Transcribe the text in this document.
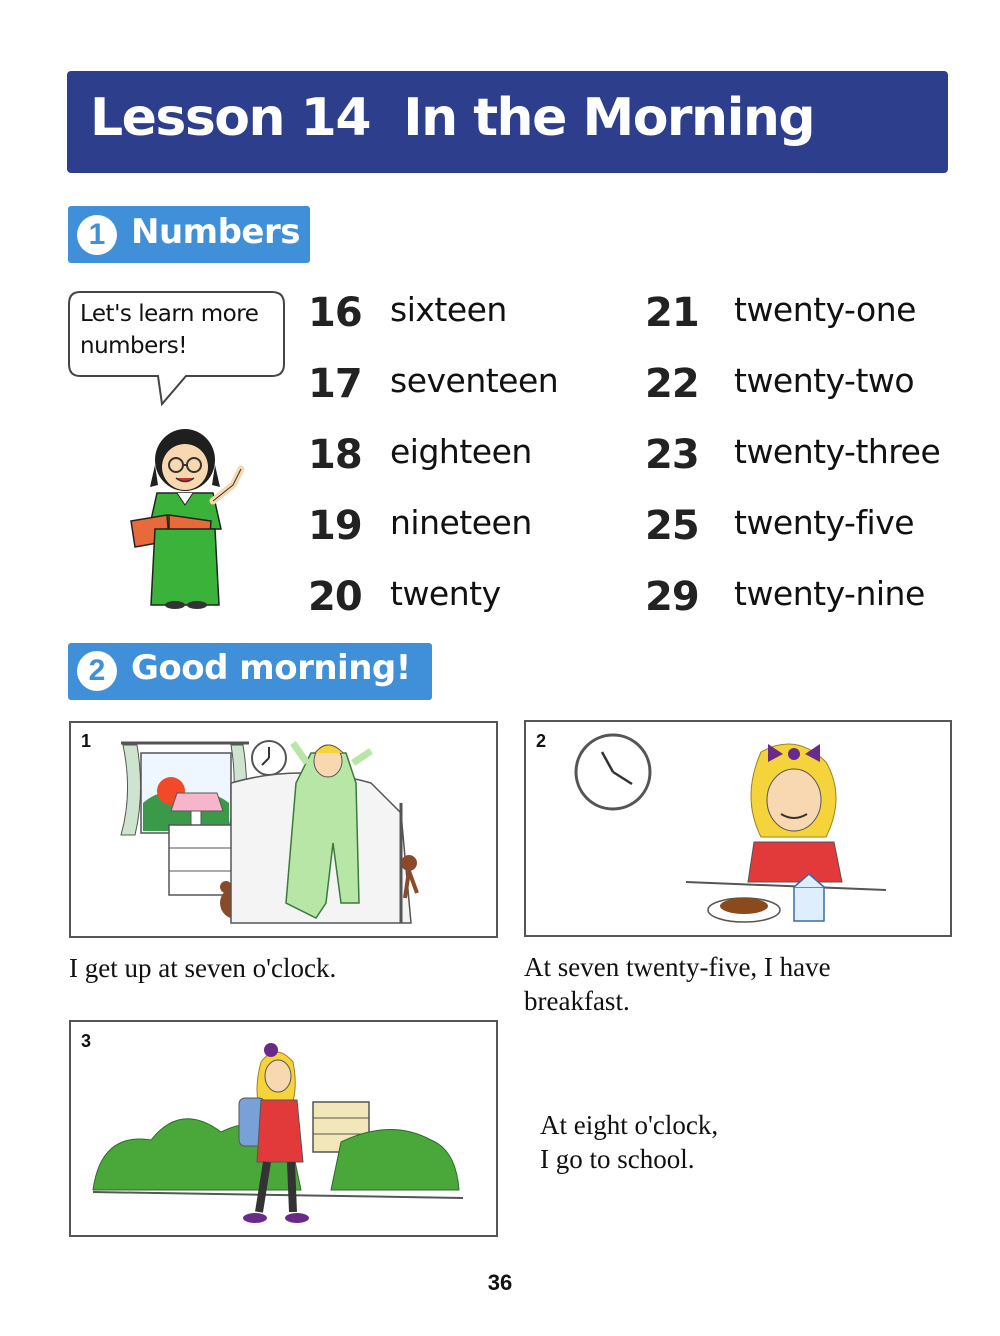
Lesson 14  In the Morning
1 Numbers
Let's learn more
numbers!
16 sixteen
17 seventeen
18 eighteen
19 nineteen
20 twenty
21 twenty-one
22 twenty-two
23 twenty-three
25 twenty-five
29 twenty-nine
2 Good morning!
1
I get up at seven o'clock.
2
At seven twenty-five, I have
breakfast.
3
At eight o'clock,
I go to school.
36
